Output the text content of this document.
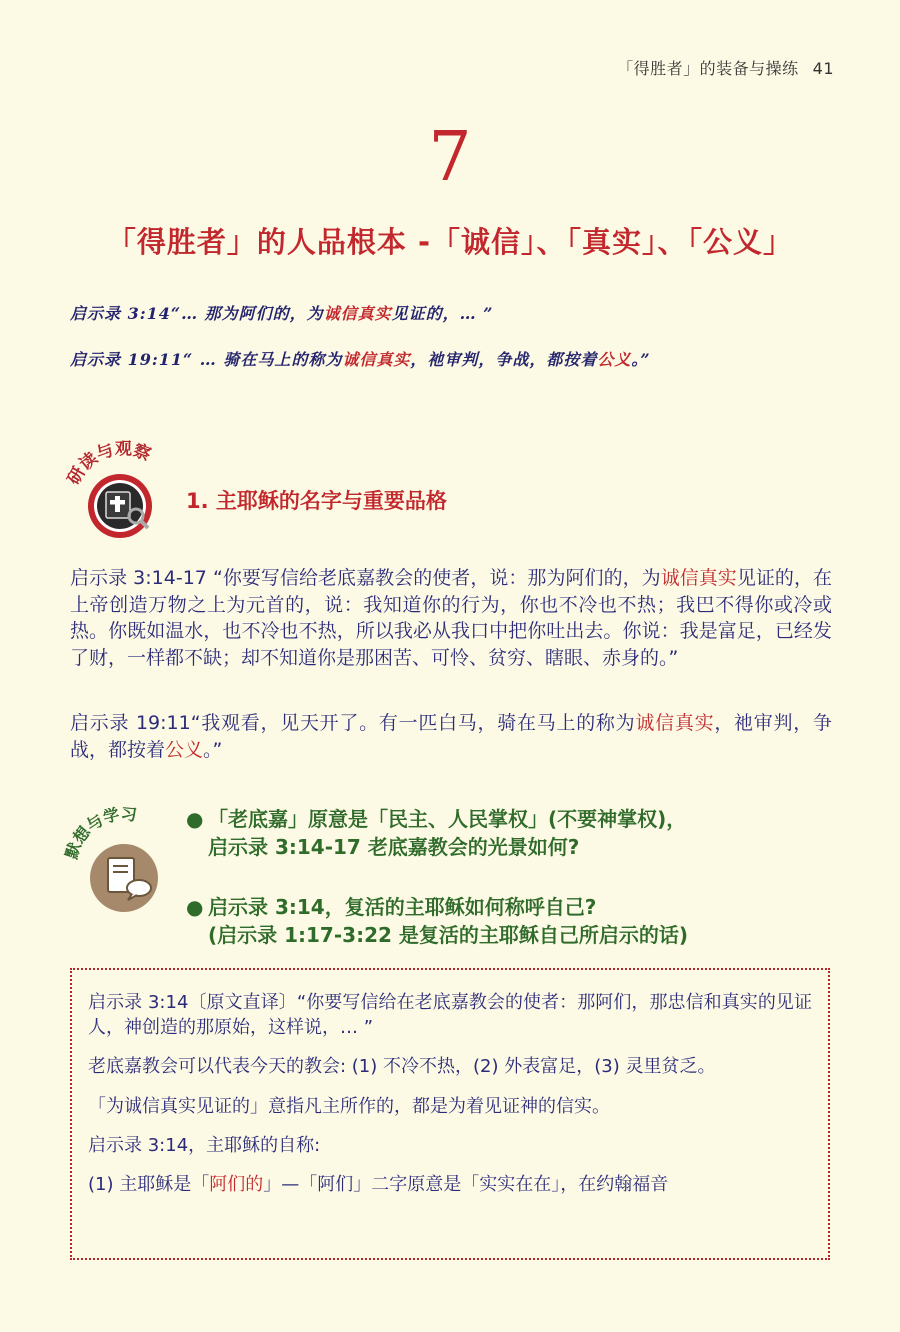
「得胜者」的装备与操练 41
7
「得胜者」的人品根本 -「诚信」、「真实」、「公义」
启示录 3:14“… 那为阿们的，为诚信真实见证的，… ”
启示录 19:11“ … 骑在马上的称为诚信真实，祂审判，争战，都按着公义。”
研读与观察
1. 主耶稣的名字与重要品格
启示录 3:14-17 “你要写信给老底嘉教会的使者，说：那为阿们的，为诚信真实见证的，在上帝创造万物之上为元首的，说：我知道你的行为，你也不冷也不热；我巴不得你或冷或热。你既如温水，也不冷也不热，所以我必从我口中把你吐出去。你说：我是富足，已经发了财，一样都不缺；却不知道你是那困苦、可怜、贫穷、瞎眼、赤身的。”
启示录 19:11“我观看，见天开了。有一匹白马，骑在马上的称为诚信真实，祂审判，争战，都按着公义。”
默想与学习 ● 「老底嘉」原意是「民主、人民掌权」(不要神掌权)，
启示录 3:14-17 老底嘉教会的光景如何?
● 启示录 3:14，复活的主耶稣如何称呼自己?
(启示录 1:17-3:22 是复活的主耶稣自己所启示的话)

启示录 3:14〔原文直译〕“你要写信给在老底嘉教会的使者：那阿们，那忠信和真实的见证人，神创造的那原始，这样说，… ”

老底嘉教会可以代表今天的教会: (1) 不冷不热，(2) 外表富足，(3) 灵里贫乏。

「为诚信真实见证的」意指凡主所作的，都是为着见证神的信实。

启示录 3:14，主耶稣的自称:

(1) 主耶稣是「阿们的」—「阿们」二字原意是「实实在在」，在约翰福音
